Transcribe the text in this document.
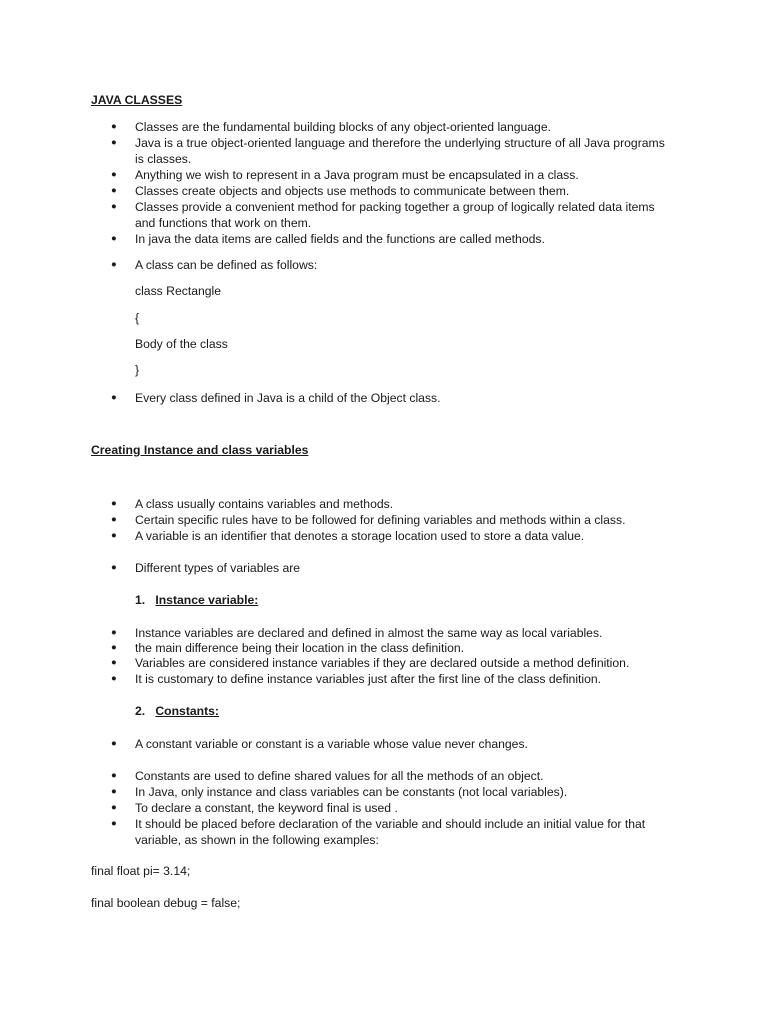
JAVA CLASSES
● Classes are the fundamental building blocks of any object-oriented language.
● Java is a true object-oriented language and therefore the underlying structure of all Java programs is classes.
● Anything we wish to represent in a Java program must be encapsulated in a class.
● Classes create objects and objects use methods to communicate between them.
● Classes provide a convenient method for packing together a group of logically related data items and functions that work on them.
● In java the data items are called fields and the functions are called methods.
● A class can be defined as follows:
class Rectangle
{
Body of the class
}
● Every class defined in Java is a child of the Object class.
Creating Instance and class variables
● A class usually contains variables and methods.
● Certain specific rules have to be followed for defining variables and methods within a class.
● A variable is an identifier that denotes a storage location used to store a data value.
● Different types of variables are
1. Instance variable:
● Instance variables are declared and defined in almost the same way as local variables.
● the main difference being their location in the class definition.
● Variables are considered instance variables if they are declared outside a method definition.
● It is customary to define instance variables just after the first line of the class definition.
2. Constants:
● A constant variable or constant is a variable whose value never changes.
● Constants are used to define shared values for all the methods of an object.
● In Java, only instance and class variables can be constants (not local variables).
● To declare a constant, the keyword final is used .
● It should be placed before declaration of the variable and should include an initial value for that variable, as shown in the following examples:
final float pi= 3.14;
final boolean debug = false;
